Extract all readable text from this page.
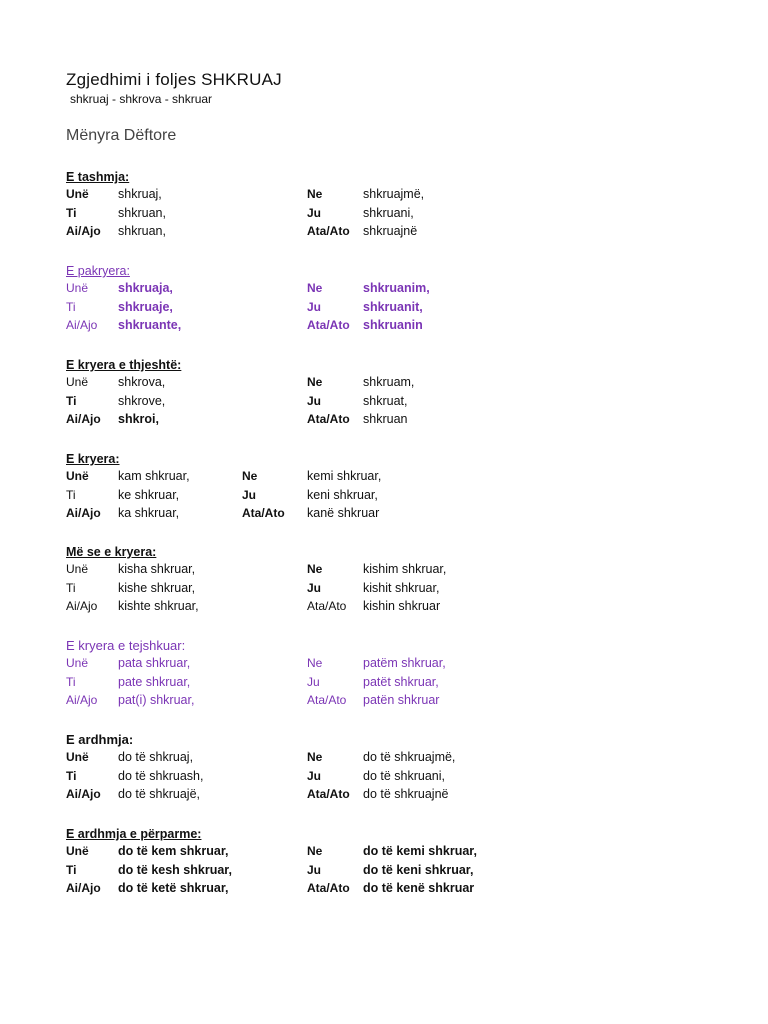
Zgjedhimi i foljes SHKRUAJ
shkruaj - shkrova - shkruar
Mënyra Dëftore
E tashmja:
Unë shkruaj,	Ne	shkruajmë,
Ti	shkruan,	Ju	shkruani,
Ai/Ajo shkruan,	Ata/Ato shkruajnë
E pakryera:
Unë shkruaja,	Ne	shkruanim,
Ti	shkruaje,	Ju	shkruanit,
Ai/Ajo shkruante,	Ata/Ato shkruanin
E kryera e thjeshtë:
Unë shkrova,	Ne	shkruam,
Ti	shkrove,	Ju	shkruat,
Ai/Ajo shkroi,	Ata/Ato shkruan
E kryera:
Unë kam shkruar,	Ne	kemi shkruar,
Ti	ke shkruar,	Ju	keni shkruar,
Ai/Ajo ka shkruar,	Ata/Ato kanë shkruar
Më se e kryera:
Unë kisha shkruar,	Ne	kishim shkruar,
Ti	kishe shkruar,	Ju	kishit shkruar,
Ai/Ajo kishte shkruar,	Ata/Ato kishin shkruar
E kryera e tejshkuar:
Unë pata shkruar,	Ne	patëm shkruar,
Ti	pate shkruar,	Ju	patët shkruar,
Ai/Ajo pat(i) shkruar,	Ata/Ato patën shkruar
E ardhmja:
Unë do të shkruaj,	Ne	do të shkruajmë,
Ti	do të shkruash,	Ju	do të shkruani,
Ai/Ajo do të shkruajë,	Ata/Ato do të shkruajnë
E ardhmja e përparme:
Unë do të kem shkruar,	Ne	do të kemi shkruar,
Ti	do të kesh shkruar,	Ju	do të keni shkruar,
Ai/Ajo do të ketë shkruar,	Ata/Ato do të kenë shkruar
